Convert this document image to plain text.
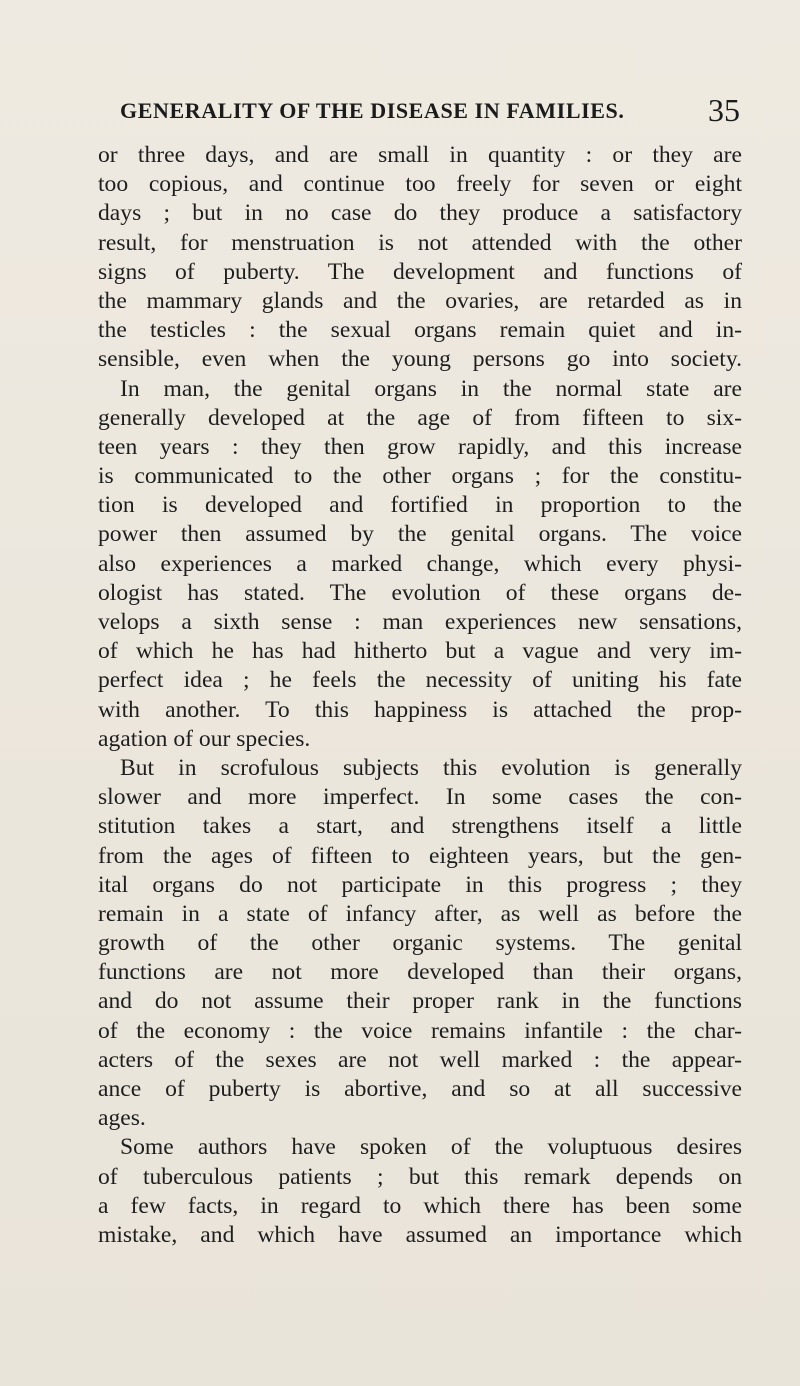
GENERALITY OF THE DISEASE IN FAMILIES.	35
or three days, and are small in quantity : or they are
too copious, and continue too freely for seven or eight
days ; but in no case do they produce a satisfactory
result, for menstruation is not attended with the other
signs of puberty. The development and functions of
the mammary glands and the ovaries, are retarded as in
the testicles : the sexual organs remain quiet and in-
sensible, even when the young persons go into society.
In man, the genital organs in the normal state are
generally developed at the age of from fifteen to six-
teen years : they then grow rapidly, and this increase
is communicated to the other organs ; for the constitu-
tion is developed and fortified in proportion to the
power then assumed by the genital organs. The voice
also experiences a marked change, which every physi-
ologist has stated. The evolution of these organs de-
velops a sixth sense : man experiences new sensations,
of which he has had hitherto but a vague and very im-
perfect idea ; he feels the necessity of uniting his fate
with another. To this happiness is attached the prop-
agation of our species.
But in scrofulous subjects this evolution is generally
slower and more imperfect. In some cases the con-
stitution takes a start, and strengthens itself a little
from the ages of fifteen to eighteen years, but the gen-
ital organs do not participate in this progress ; they
remain in a state of infancy after, as well as before the
growth of the other organic systems. The genital
functions are not more developed than their organs,
and do not assume their proper rank in the functions
of the economy : the voice remains infantile : the char-
acters of the sexes are not well marked : the appear-
ance of puberty is abortive, and so at all successive
ages.
Some authors have spoken of the voluptuous desires
of tuberculous patients ; but this remark depends on
a few facts, in regard to which there has been some
mistake, and which have assumed an importance which
